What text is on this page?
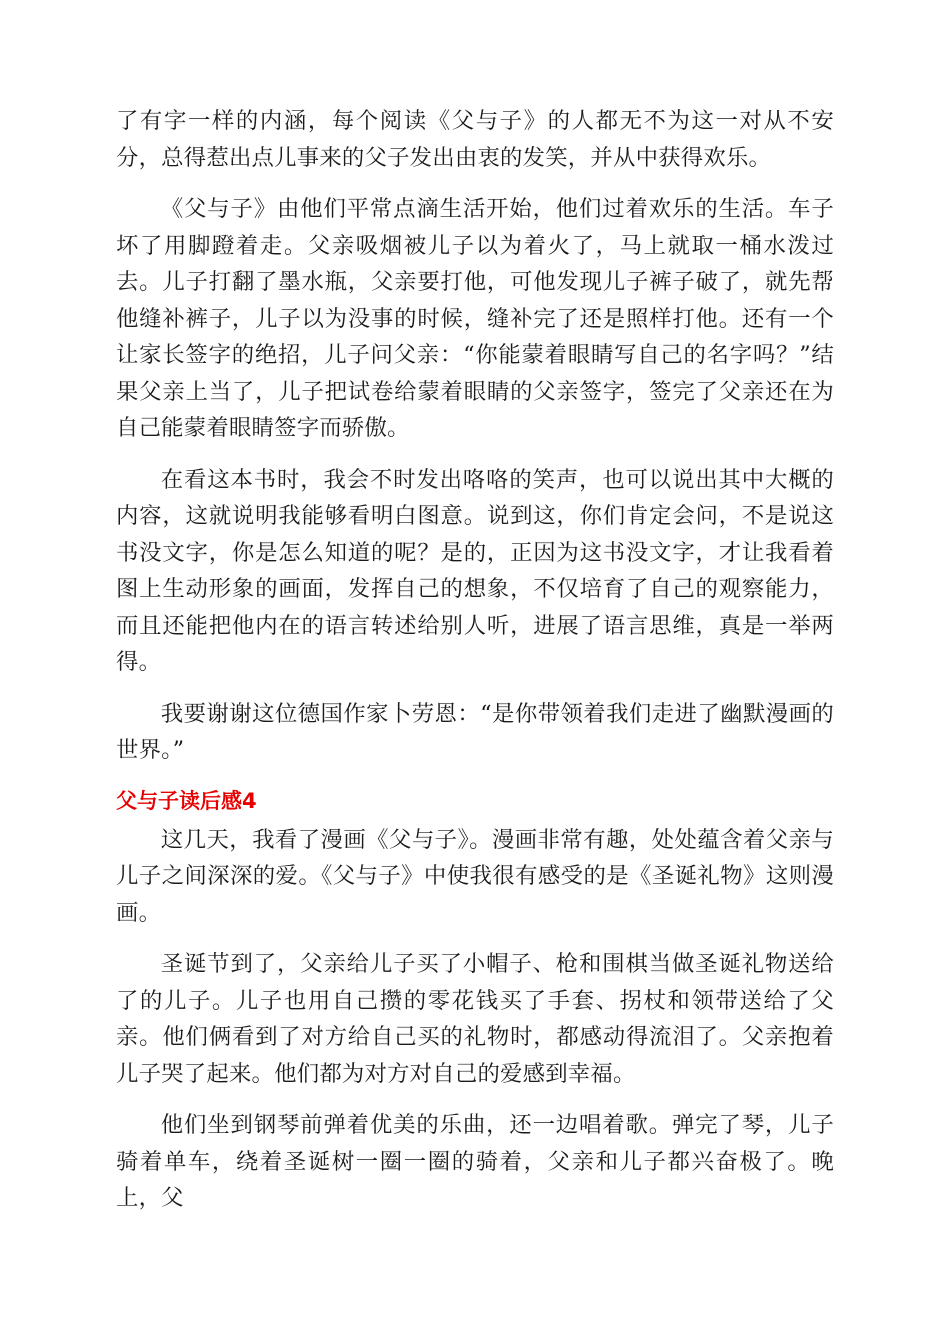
了有字一样的内涵，每个阅读《父与子》的人都无不为这一对从不安分，总得惹出点儿事来的父子发出由衷的发笑，并从中获得欢乐。

《父与子》由他们平常点滴生活开始，他们过着欢乐的生活。车子坏了用脚蹬着走。父亲吸烟被儿子以为着火了，马上就取一桶水泼过去。儿子打翻了墨水瓶，父亲要打他，可他发现儿子裤子破了，就先帮他缝补裤子，儿子以为没事的时候，缝补完了还是照样打他。还有一个让家长签字的绝招，儿子问父亲：“你能蒙着眼睛写自己的名字吗？”结果父亲上当了，儿子把试卷给蒙着眼睛的父亲签字，签完了父亲还在为自己能蒙着眼睛签字而骄傲。

在看这本书时，我会不时发出咯咯的笑声，也可以说出其中大概的内容，这就说明我能够看明白图意。说到这，你们肯定会问，不是说这书没文字，你是怎么知道的呢？是的，正因为这书没文字，才让我看着图上生动形象的画面，发挥自己的想象，不仅培育了自己的观察能力，而且还能把他内在的语言转述给别人听，进展了语言思维，真是一举两得。

我要谢谢这位德国作家卜劳恩：“是你带领着我们走进了幽默漫画的世界。”

父与子读后感4

这几天，我看了漫画《父与子》。漫画非常有趣，处处蕴含着父亲与儿子之间深深的爱。《父与子》中使我很有感受的是《圣诞礼物》这则漫画。

圣诞节到了，父亲给儿子买了小帽子、枪和围棋当做圣诞礼物送给了的儿子。儿子也用自己攒的零花钱买了手套、拐杖和领带送给了父亲。他们俩看到了对方给自己买的礼物时，都感动得流泪了。父亲抱着儿子哭了起来。他们都为对方对自己的爱感到幸福。

他们坐到钢琴前弹着优美的乐曲，还一边唱着歌。弹完了琴，儿子骑着单车，绕着圣诞树一圈一圈的骑着，父亲和儿子都兴奋极了。晚上，父
